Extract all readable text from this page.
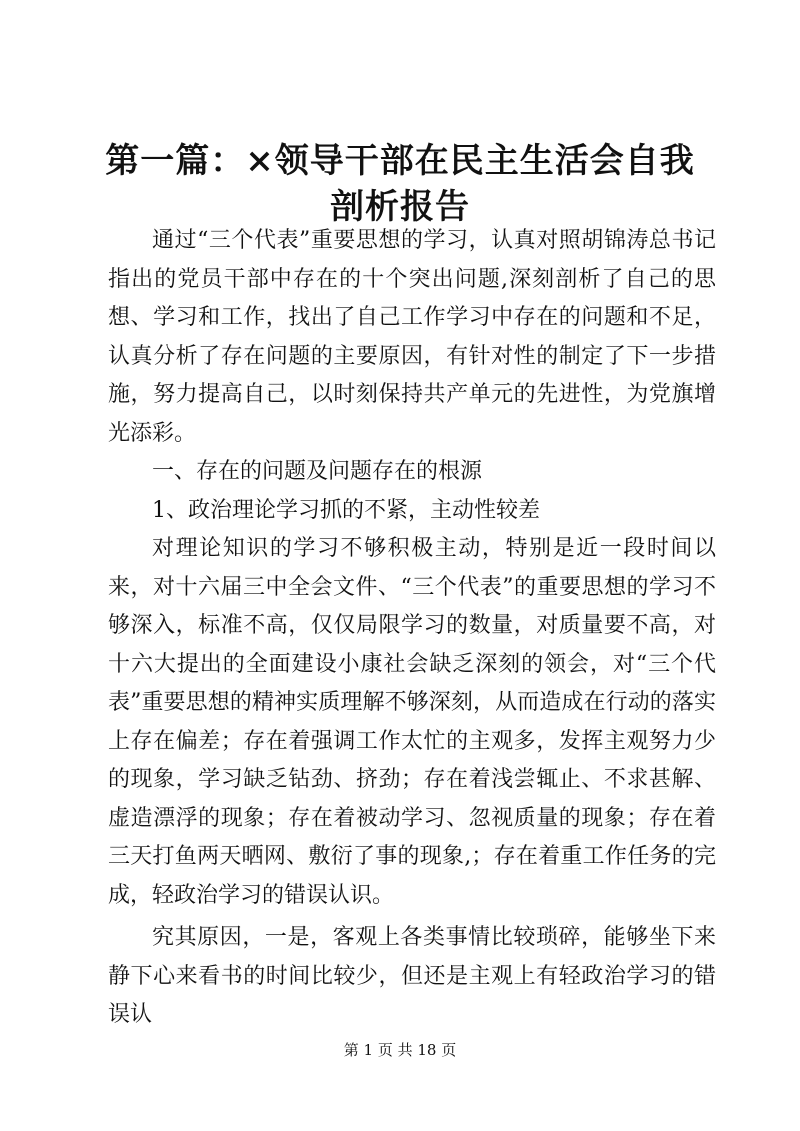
第一篇：×领导干部在民主生活会自我剖析报告

通过“三个代表”重要思想的学习，认真对照胡锦涛总书记指出的党员干部中存在的十个突出问题,深刻剖析了自己的思想、学习和工作，找出了自己工作学习中存在的问题和不足，认真分析了存在问题的主要原因，有针对性的制定了下一步措施，努力提高自己，以时刻保持共产单元的先进性，为党旗增光添彩。

一、存在的问题及问题存在的根源

1、政治理论学习抓的不紧，主动性较差

对理论知识的学习不够积极主动，特别是近一段时间以来，对十六届三中全会文件、“三个代表”的重要思想的学习不够深入，标准不高，仅仅局限学习的数量，对质量要不高，对十六大提出的全面建设小康社会缺乏深刻的领会，对“三个代表”重要思想的精神实质理解不够深刻，从而造成在行动的落实上存在偏差；存在着强调工作太忙的主观多，发挥主观努力少的现象，学习缺乏钻劲、挤劲；存在着浅尝辄止、不求甚解、虚造漂浮的现象；存在着被动学习、忽视质量的现象；存在着三天打鱼两天晒网、敷衍了事的现象,；存在着重工作任务的完成，轻政治学习的错误认识。

究其原因，一是，客观上各类事情比较琐碎，能够坐下来静下心来看书的时间比较少，但还是主观上有轻政治学习的错误认

第 1 页 共 18 页
